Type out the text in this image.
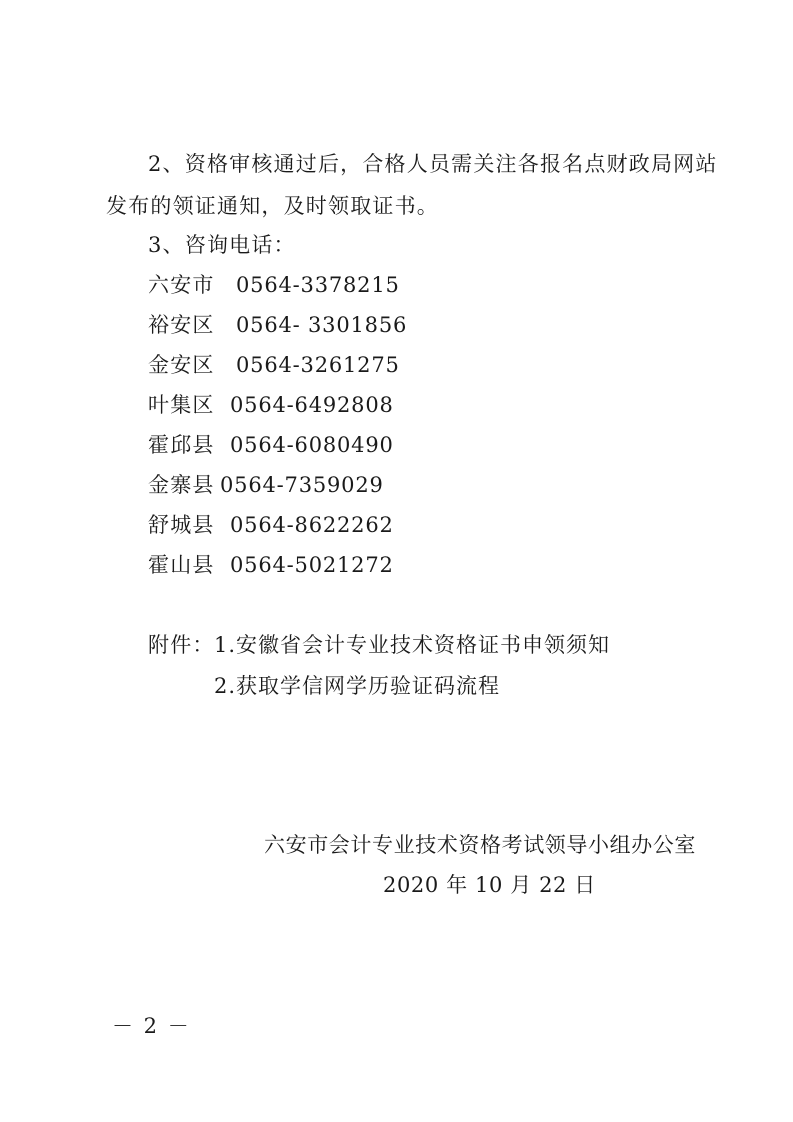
2、资格审核通过后，合格人员需关注各报名点财政局网站
发布的领证通知，及时领取证书。
3、咨询电话：
六安市 0564-3378215
裕安区 0564- 3301856
金安区 0564-3261275
叶集区 0564-6492808
霍邱县 0564-6080490
金寨县 0564-7359029
舒城县 0564-8622262
霍山县 0564-5021272
附件： 1.安徽省会计专业技术资格证书申领须知
2.获取学信网学历验证码流程
六安市会计专业技术资格考试领导小组办公室
2020 年 10 月 22 日
－ 2 －
